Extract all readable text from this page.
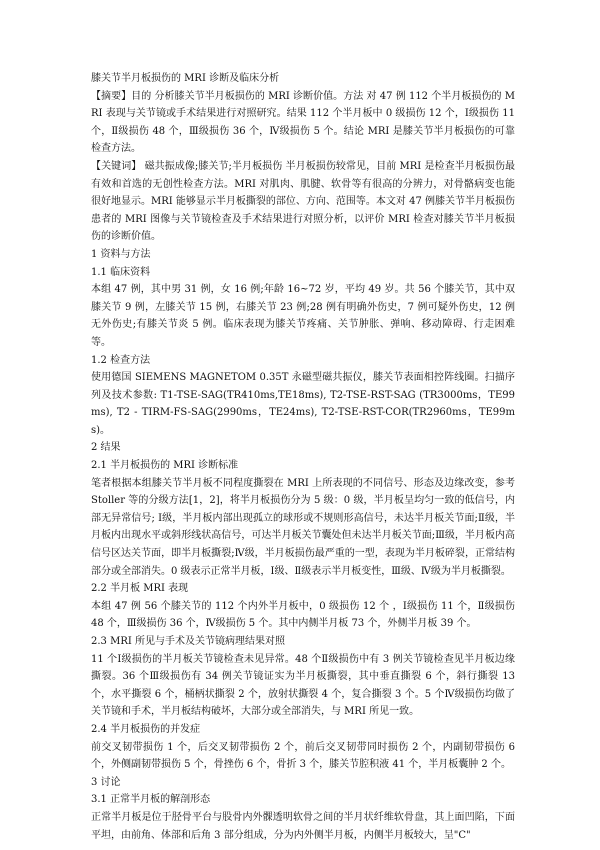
膝关节半月板损伤的 MRI 诊断及临床分析

【摘要】目的 分析膝关节半月板损伤的 MRI 诊断价值。方法 对 47 例 112 个半月板损伤的 MRI 表现与关节镜或手术结果进行对照研究。结果 112 个半月板中 0 级损伤 12 个，Ⅰ级损伤 11 个，Ⅱ级损伤 48 个，Ⅲ级损伤 36 个，Ⅳ级损伤 5 个。结论 MRI 是膝关节半月板损伤的可靠检查方法。

【关键词】 磁共振成像;膝关节;半月板损伤 半月板损伤较常见，目前 MRI 是检查半月板损伤最有效和首选的无创性检查方法。MRI 对肌肉、肌腱、软骨等有很高的分辨力，对骨骼病变也能很好地显示。MRI 能够显示半月板撕裂的部位、方向、范围等。本文对 47 例膝关节半月板损伤患者的 MRI 图像与关节镜检查及手术结果进行对照分析，以评价 MRI 检查对膝关节半月板损伤的诊断价值。

1 资料与方法

1.1 临床资料

本组 47 例，其中男 31 例，女 16 例;年龄 16~72 岁，平均 49 岁。共 56 个膝关节，其中双膝关节 9 例，左膝关节 15 例，右膝关节 23 例;28 例有明确外伤史，7 例可疑外伤史，12 例无外伤史;有膝关节炎 5 例。临床表现为膝关节疼痛、关节肿胀、弹响、移动障碍、行走困难等。

1.2 检查方法

使用德国 SIEMENS MAGNETOM 0.35T 永磁型磁共振仪，膝关节表面相控阵线圈。扫描序列及技术参数: T1-TSE-SAG(TR410ms,TE18ms), T2-TSE-RST-SAG (TR3000ms，TE99ms), T2 - TIRM-FS-SAG(2990ms，TE24ms), T2-TSE-RST-COR(TR2960ms，TE99ms)。

2 结果

2.1 半月板损伤的 MRI 诊断标准

笔者根据本组膝关节半月板不同程度撕裂在 MRI 上所表现的不同信号、形态及边缘改变，参考 Stoller 等的分级方法[1，2]，将半月板损伤分为 5 级：0 级，半月板呈均匀一致的低信号，内部无异常信号; Ⅰ级，半月板内部出现孤立的球形或不规则形高信号，未达半月板关节面;Ⅱ级，半月板内出现水平或斜形线状高信号，可达半月板关节囊处但未达半月板关节面;Ⅲ级，半月板内高信号区达关节面，即半月板撕裂;Ⅳ级，半月板损伤最严重的一型，表现为半月板碎裂，正常结构部分或全部消失。0 级表示正常半月板，Ⅰ级、Ⅱ级表示半月板变性，Ⅲ级、Ⅳ级为半月板撕裂。

2.2 半月板 MRI 表现

本组 47 例 56 个膝关节的 112 个内外半月板中，0 级损伤 12 个 ，Ⅰ级损伤 11 个，Ⅱ级损伤 48 个，Ⅲ级损伤 36 个，Ⅳ级损伤 5 个。其中内侧半月板 73 个，外侧半月板 39 个。

2.3 MRI 所见与手术及关节镜病理结果对照

11 个Ⅰ级损伤的半月板关节镜检查未见异常。48 个Ⅱ级损伤中有 3 例关节镜检查见半月板边缘撕裂。36 个Ⅲ级损伤有 34 例关节镜证实为半月板撕裂，其中垂直撕裂 6 个，斜行撕裂 13 个，水平撕裂 6 个，桶柄状撕裂 2 个，放射状撕裂 4 个，复合撕裂 3 个。5 个Ⅳ级损伤均做了关节镜和手术，半月板结构破坏，大部分或全部消失，与 MRI 所见一致。

2.4 半月板损伤的并发症

前交叉韧带损伤 1 个，后交叉韧带损伤 2 个，前后交叉韧带同时损伤 2 个，内副韧带损伤 6 个，外侧副韧带损伤 5 个，骨挫伤 6 个，骨折 3 个，膝关节腔积液 41 个，半月板囊肿 2 个。

3 讨论

3.1 正常半月板的解剖形态

正常半月板是位于胫骨平台与股骨内外髁透明软骨之间的半月状纤维软骨盘，其上面凹陷，下面平坦，由前角、体部和后角 3 部分组成，分为内外侧半月板，内侧半月板较大，呈"C"
